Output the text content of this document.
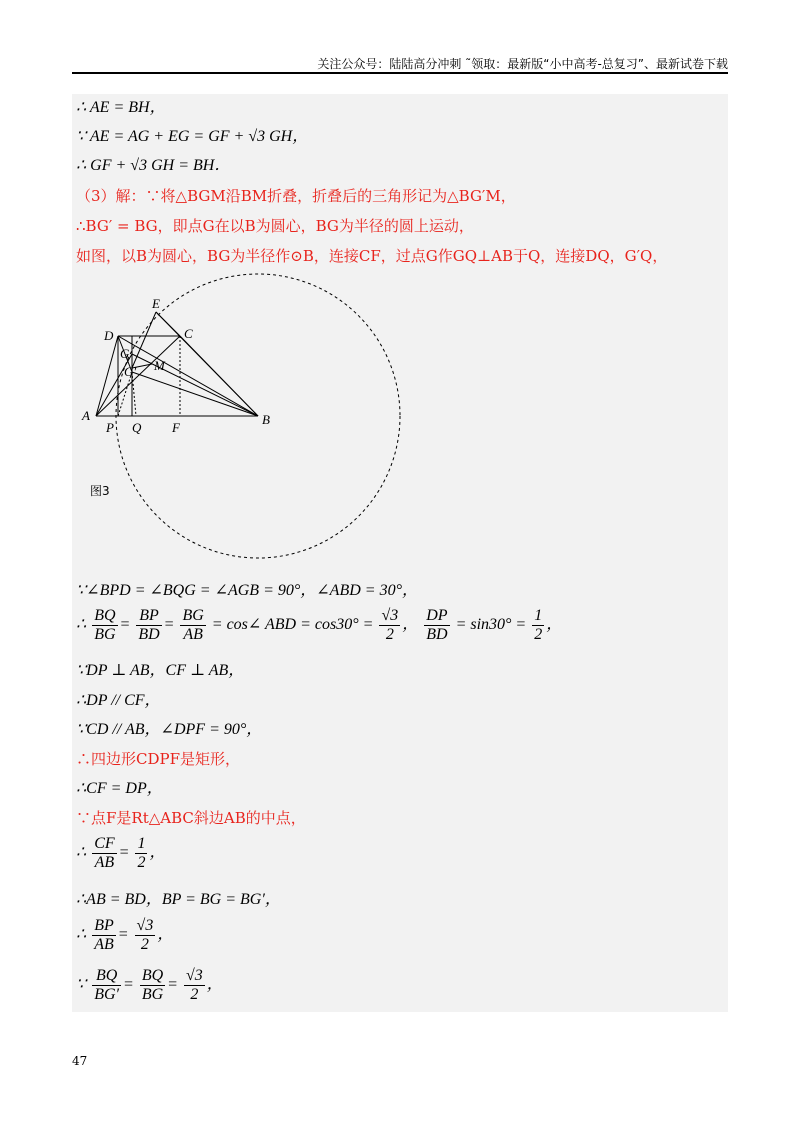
关注公众号：陆陆高分冲刺 ˜领取：最新版“小中高考-总复习”、最新试卷下载
∴ AE = BH，
∵ AE = AG + EG = GF + √3 GH，
∴ GF + √3 GH = BH．
（3）解：∵将△BGM沿BM折叠，折叠后的三角形记为△BG′M，
∴BG′ = BG，即点G在以B为圆心，BG为半径的圆上运动，
如图，以B为圆心，BG为半径作⊙B，连接CF，过点G作GQ⊥AB于Q，连接DQ，G′Q，
E
D	C
G
G′ M
A
P Q F
B
图3
∵∠BPD = ∠BQG = ∠AGB = 90°，∠ABD = 30°，
∴ $\frac{BQ}{BG} = \frac{BP}{BD} = \frac{BG}{AB}$ = cos∠ ABD = $\cos 30^\circ = \frac{√3}{2}$ ， $\frac{DP}{BD} = \sin 30^\circ = \frac{1}{2}$ ，
∵DP ⊥ AB，CF ⊥ AB，
∴DP // CF，
∵CD // AB，∠DPF = 90°，
∴四边形CDPF是矩形，
∴CF = DP，
∵点F是Rt△ABC斜边AB的中点，
∴ $\frac{CF}{AB} = \frac{1}{2}$ ，
∴AB = BD，BP = BG = BG′，
∴ $\frac{BP}{AB} = \frac{√3}{2}$ ，
∵ $\frac{BQ}{BG'} = \frac{BQ}{BG} = \frac{√3}{2}$ ，
47
